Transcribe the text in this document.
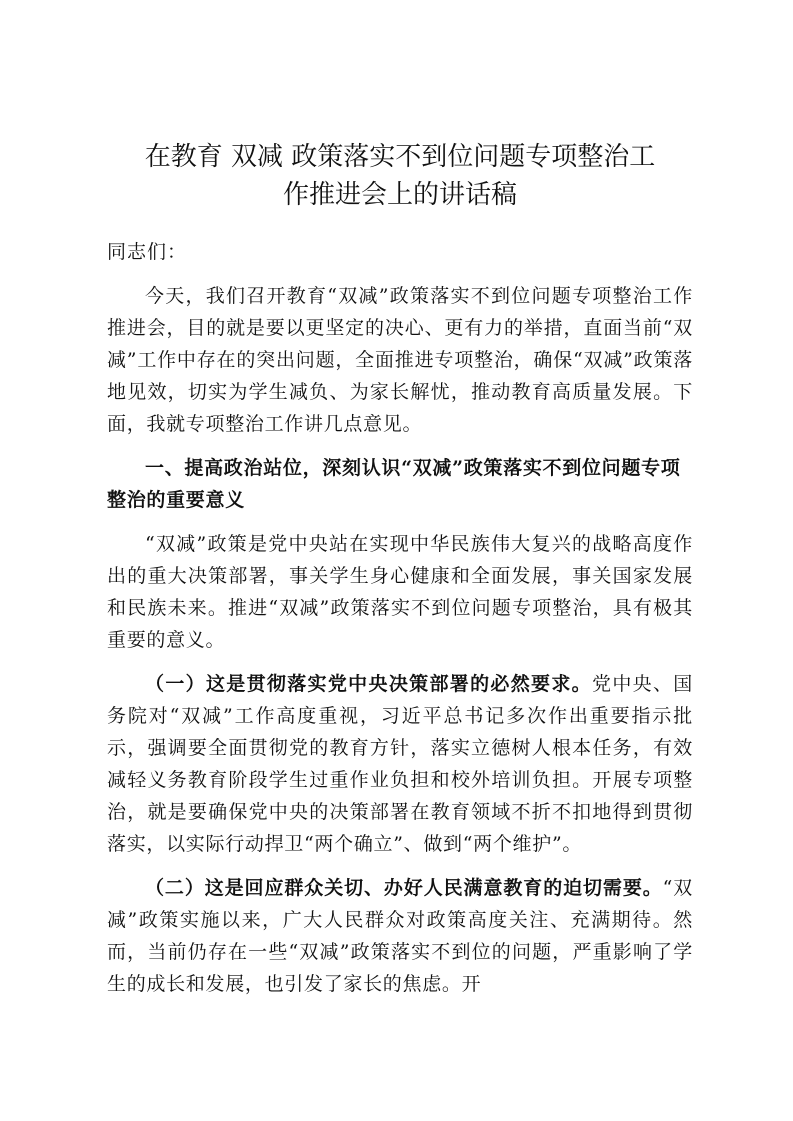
在教育 双减 政策落实不到位问题专项整治工
作推进会上的讲话稿
同志们：

今天，我们召开教育“双减”政策落实不到位问题专项整治工作推进会，目的就是要以更坚定的决心、更有力的举措，直面当前“双减”工作中存在的突出问题，全面推进专项整治，确保“双减”政策落地见效，切实为学生减负、为家长解忧，推动教育高质量发展。下面，我就专项整治工作讲几点意见。

一、提高政治站位，深刻认识“双减”政策落实不到位问题专项整治的重要意义

“双减”政策是党中央站在实现中华民族伟大复兴的战略高度作出的重大决策部署，事关学生身心健康和全面发展，事关国家发展和民族未来。推进“双减”政策落实不到位问题专项整治，具有极其重要的意义。

（一）这是贯彻落实党中央决策部署的必然要求。党中央、国务院对“双减”工作高度重视，习近平总书记多次作出重要指示批示，强调要全面贯彻党的教育方针，落实立德树人根本任务，有效减轻义务教育阶段学生过重作业负担和校外培训负担。开展专项整治，就是要确保党中央的决策部署在教育领域不折不扣地得到贯彻落实，以实际行动捍卫“两个确立”、做到“两个维护”。

（二）这是回应群众关切、办好人民满意教育的迫切需要。“双减”政策实施以来，广大人民群众对政策高度关注、充满期待。然而，当前仍存在一些“双减”政策落实不到位的问题，严重影响了学生的成长和发展，也引发了家长的焦虑。开
